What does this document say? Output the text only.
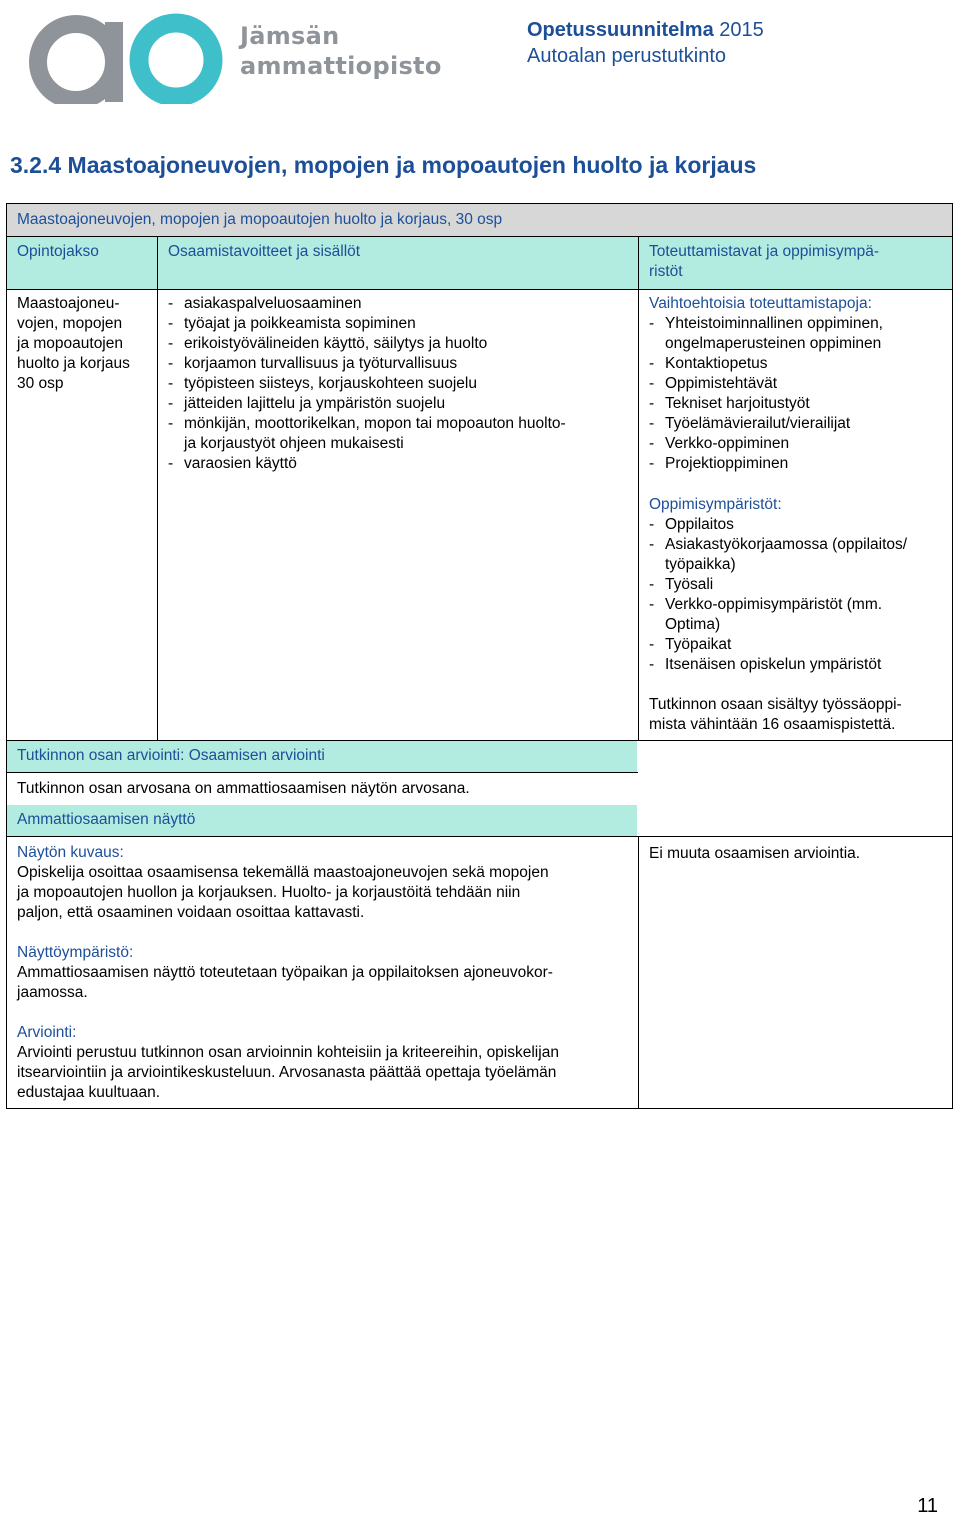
Jämsän
ammattiopisto
Opetussuunnitelma 2015
Autoalan perustutkinto
3.2.4 Maastoajoneuvojen, mopojen ja mopoautojen huolto ja korjaus
Maastoajoneuvojen, mopojen ja mopoautojen huolto ja korjaus, 30 osp
Opintojakso	Osaamistavoitteet ja sisällöt	Toteuttamistavat ja oppimisympä-
ristöt
Maastoajoneu-
vojen, mopojen
ja mopoautojen
huolto ja korjaus
30 osp
- asiakaspalveluosaaminen
- työajat ja poikkeamista sopiminen
- erikoistyövälineiden käyttö, säilytys ja huolto
- korjaamon turvallisuus ja työturvallisuus
- työpisteen siisteys, korjauskohteen suojelu
- jätteiden lajittelu ja ympäristön suojelu
- mönkijän, moottorikelkan, mopon tai mopoauton huolto-
ja korjaustyöt ohjeen mukaisesti
- varaosien käyttö
Vaihtoehtoisia toteuttamistapoja:
- Yhteistoiminnallinen oppiminen,
ongelmaperusteinen oppiminen
- Kontaktiopetus
- Oppimistehtävät
- Tekniset harjoitustyöt
- Työelämävierailut/vierailijat
- Verkko-oppiminen
- Projektioppiminen
Oppimisympäristöt:
- Oppilaitos
- Asiakastyökorjaamossa (oppilaitos/
työpaikka)
- Työsali
- Verkko-oppimisympäristöt (mm.
Optima)
- Työpaikat
- Itsenäisen opiskelun ympäristöt
Tutkinnon osaan sisältyy työssäoppi-
mista vähintään 16 osaamispistettä.
Tutkinnon osan arviointi: Osaamisen arviointi
Tutkinnon osan arvosana on ammattiosaamisen näytön arvosana.
Ammattiosaamisen näyttö
Näytön kuvaus:
Opiskelija osoittaa osaamisensa tekemällä maastoajoneuvojen sekä mopojen
ja mopoautojen huollon ja korjauksen. Huolto- ja korjaustöitä tehdään niin
paljon, että osaaminen voidaan osoittaa kattavasti.
Näyttöympäristö:
Ammattiosaamisen näyttö toteutetaan työpaikan ja oppilaitoksen ajoneuvokor-
jaamossa.
Arviointi:
Arviointi perustuu tutkinnon osan arvioinnin kohteisiin ja kriteereihin, opiskelijan
itsearviointiin ja arviointikeskusteluun. Arvosanasta päättää opettaja työelämän
edustajaa kuultuaan.
Ei muuta osaamisen arviointia.
11
